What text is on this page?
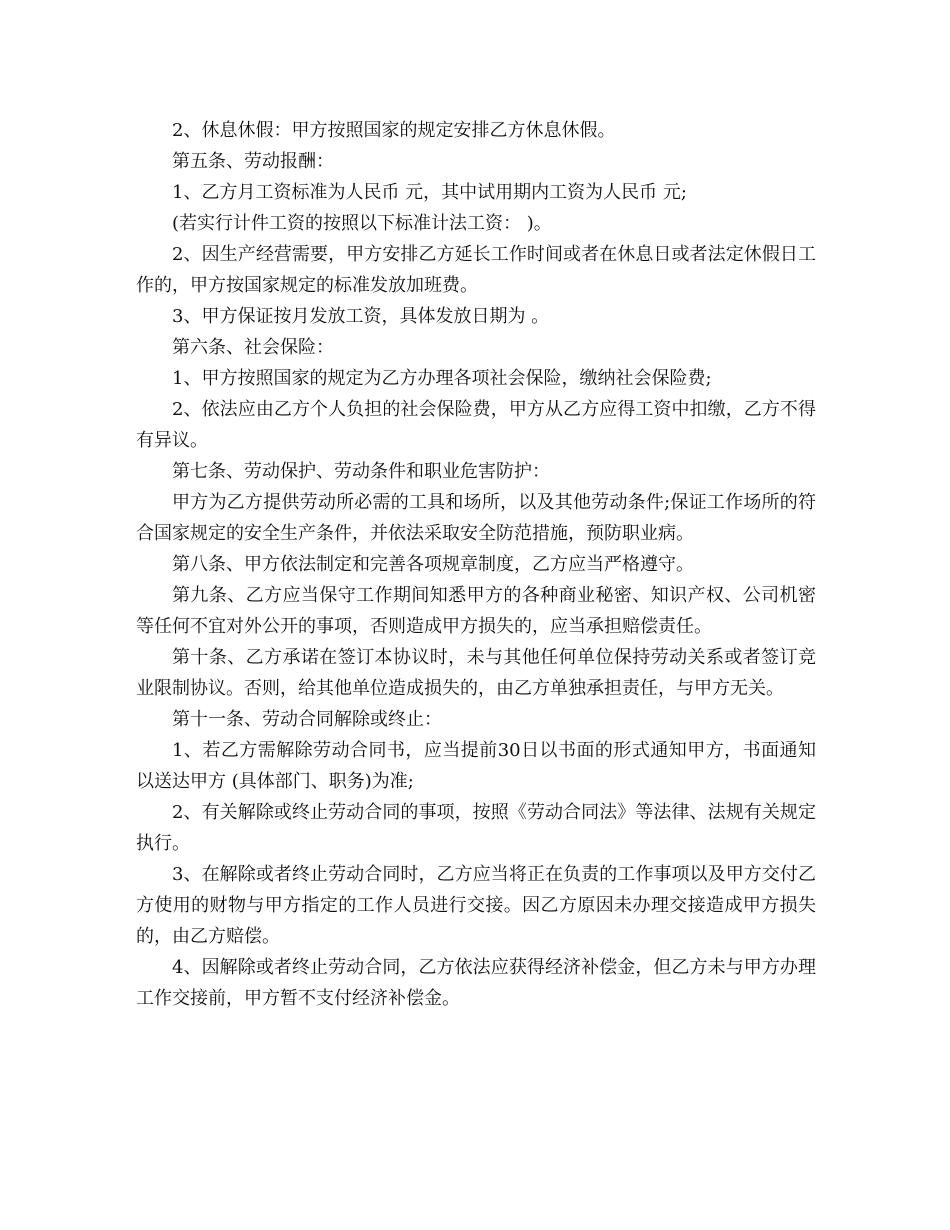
2、休息休假：甲方按照国家的规定安排乙方休息休假。

第五条、劳动报酬：

1、乙方月工资标准为人民币 元，其中试用期内工资为人民币 元;

(若实行计件工资的按照以下标准计法工资： )。

2、因生产经营需要，甲方安排乙方延长工作时间或者在休息日或者法定休假日工作的，甲方按国家规定的标准发放加班费。

3、甲方保证按月发放工资，具体发放日期为 。

第六条、社会保险：

1、甲方按照国家的规定为乙方办理各项社会保险，缴纳社会保险费;

2、依法应由乙方个人负担的社会保险费，甲方从乙方应得工资中扣缴，乙方不得有异议。

第七条、劳动保护、劳动条件和职业危害防护：

甲方为乙方提供劳动所必需的工具和场所，以及其他劳动条件;保证工作场所的符合国家规定的安全生产条件，并依法采取安全防范措施，预防职业病。

第八条、甲方依法制定和完善各项规章制度，乙方应当严格遵守。

第九条、乙方应当保守工作期间知悉甲方的各种商业秘密、知识产权、公司机密等任何不宜对外公开的事项，否则造成甲方损失的，应当承担赔偿责任。

第十条、乙方承诺在签订本协议时，未与其他任何单位保持劳动关系或者签订竞业限制协议。否则，给其他单位造成损失的，由乙方单独承担责任，与甲方无关。

第十一条、劳动合同解除或终止：

1、若乙方需解除劳动合同书，应当提前30日以书面的形式通知甲方，书面通知以送达甲方 (具体部门、职务)为准;

2、有关解除或终止劳动合同的事项，按照《劳动合同法》等法律、法规有关规定执行。

3、在解除或者终止劳动合同时，乙方应当将正在负责的工作事项以及甲方交付乙方使用的财物与甲方指定的工作人员进行交接。因乙方原因未办理交接造成甲方损失的，由乙方赔偿。

4、因解除或者终止劳动合同，乙方依法应获得经济补偿金，但乙方未与甲方办理工作交接前，甲方暂不支付经济补偿金。
